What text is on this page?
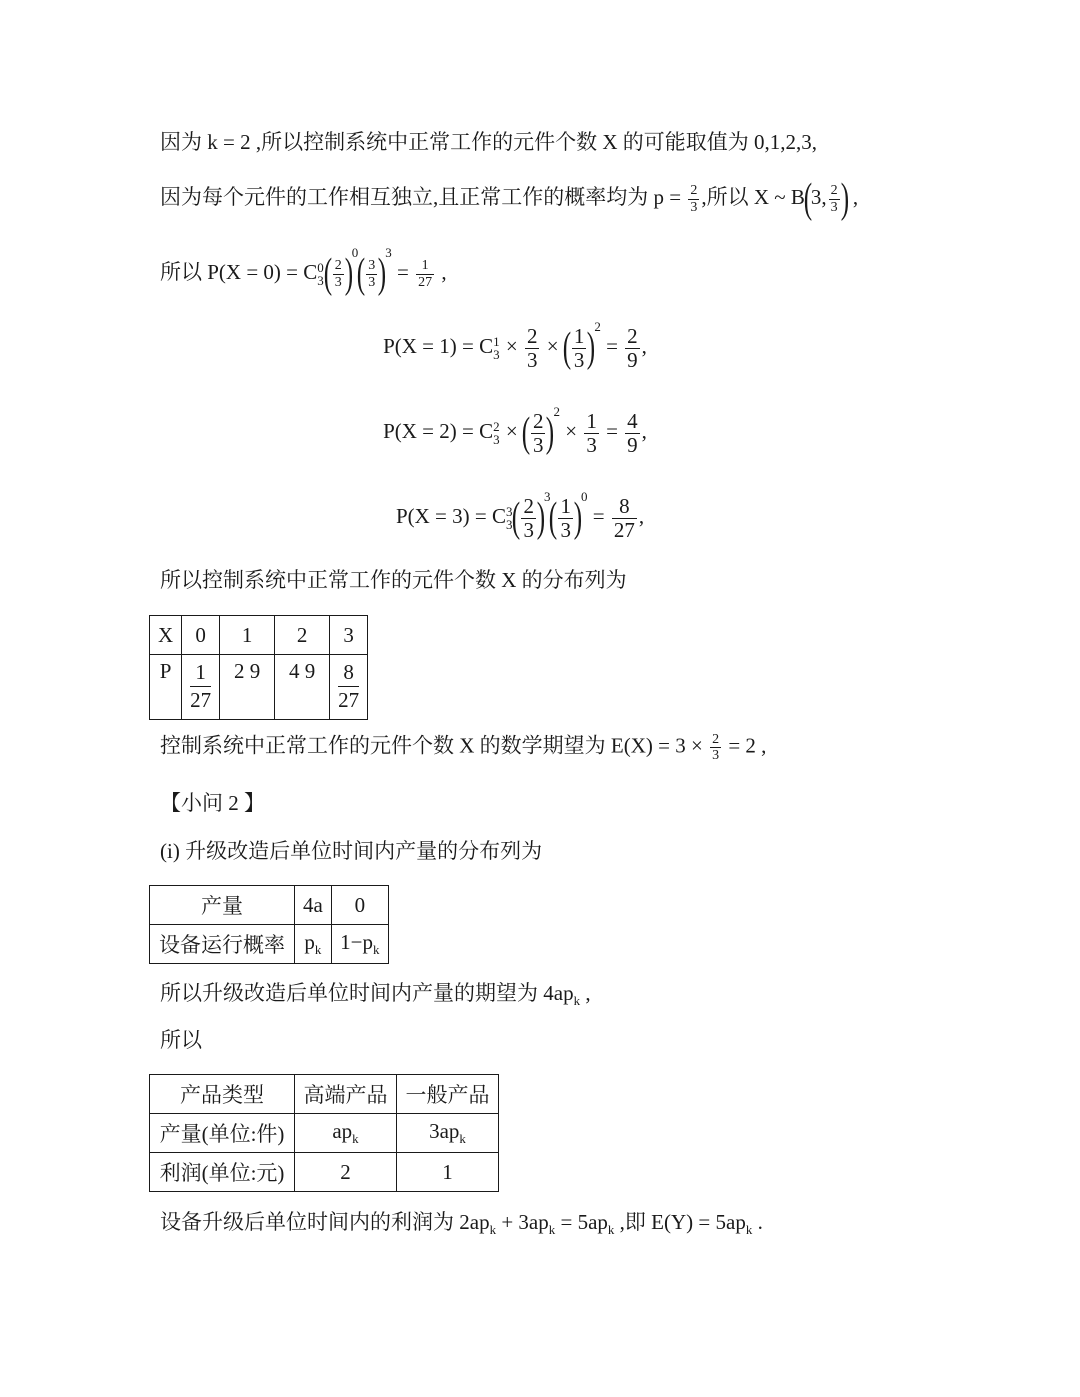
因为 k = 2 ,所以控制系统中正常工作的元件个数 X 的可能取值为 0,1,2,3,
因为每个元件的工作相互独立,且正常工作的概率均为 $p = \frac{2}{3}$ ,所以 X ~ B(3, $\frac{2}{3}$ ) ,
所以 P(X = 0) = C 0
3 ( $\frac{2}{3} )^0( \frac{3}{3} )^3 = \frac{1}{27}$ ,
P(X = 1) = C 1
$3 \times \frac{2}{3}$ × ( $\frac{1}{3} )^2 = \frac{2}{9}$ ,
P(X = 2) = C 2
3 × ( $\frac{2}{3} )^2 \times \frac{1}{3} = \frac{4}{9}$ ,
P(X = 3) = C 3
3 ( $\frac{2}{3} )^3( \frac{1}{3} )^0 = \frac{8}{27}$ ,
所以控制系统中正常工作的元件个数 X 的分布列为
X	0	1	2	3
P	$\frac{1}{27}$	2 9	4 9	$\frac{8}{27}$
控制系统中正常工作的元件个数 X 的数学期望为 $E(X) = 3 \times \frac{2}{3} = 2$ ,
【小问 2 】
(i) 升级改造后单位时间内产量的分布列为
产量	4a	0
设备运行概率	$p_k$	$1-p_k$
所以升级改造后单位时间内产量的期望为 $4ap_k$ ,
所以
产品类型	高端产品	一般产品
产量(单位:件)	$ap_k$	$3ap_k$
利润(单位:元)	2	1
设备升级后单位时间内的利润为 $2ap_k + 3ap_k = 5ap_k$ ,即 $E(Y) = 5ap_k$ .
